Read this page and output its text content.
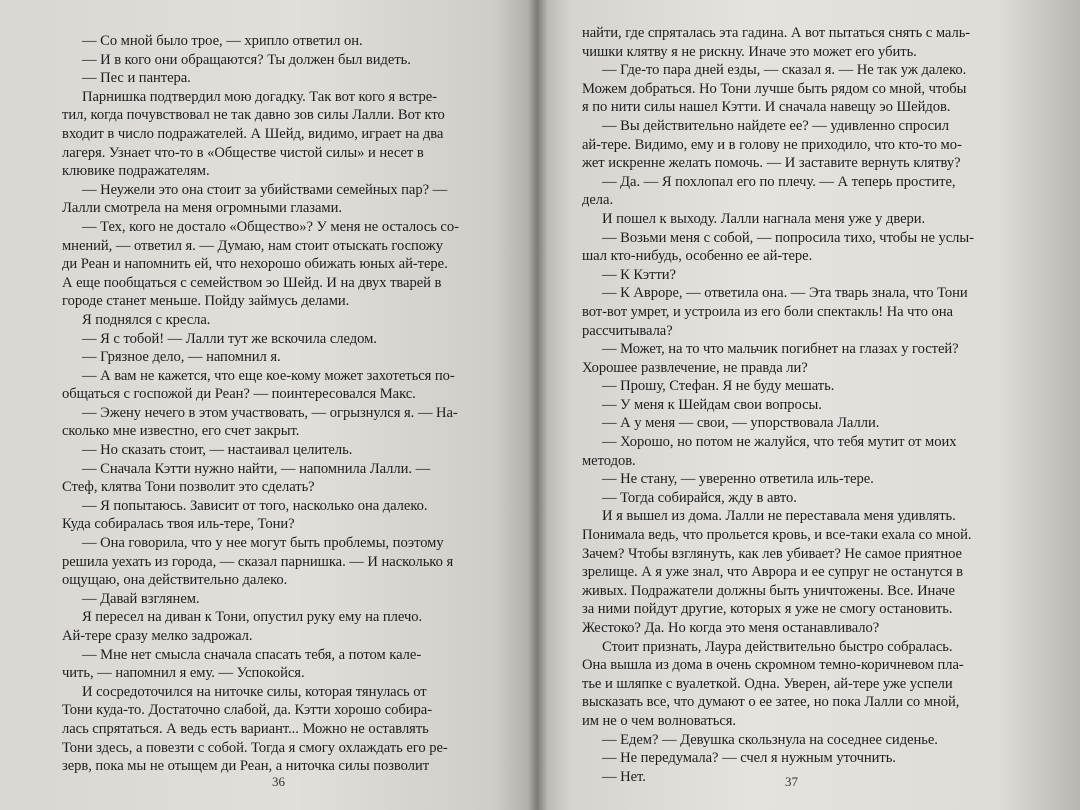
— Со мной было трое, — хрипло ответил он.
— И в кого они обращаются? Ты должен был видеть.
— Пес и пантера.
Парнишка подтвердил мою догадку. Так вот кого я встре-
тил, когда почувствовал не так давно зов силы Лалли. Вот кто
входит в число подражателей. А Шейд, видимо, играет на два
лагеря. Узнает что-то в «Обществе чистой силы» и несет в
клювике подражателям.
— Неужели это она стоит за убийствами семейных пар? —
Лалли смотрела на меня огромными глазами.
— Тех, кого не достало «Общество»? У меня не осталось со-
мнений, — ответил я. — Думаю, нам стоит отыскать госпожу
ди Реан и напомнить ей, что нехорошо обижать юных ай-тере.
А еще пообщаться с семейством эо Шейд. И на двух тварей в
городе станет меньше. Пойду займусь делами.
Я поднялся с кресла.
— Я с тобой! — Лалли тут же вскочила следом.
— Грязное дело, — напомнил я.
— А вам не кажется, что еще кое-кому может захотеться по-
общаться с госпожой ди Реан? — поинтересовался Макс.
— Эжену нечего в этом участвовать, — огрызнулся я. — На-
сколько мне известно, его счет закрыт.
— Но сказать стоит, — настаивал целитель.
— Сначала Кэтти нужно найти, — напомнила Лалли. —
Стеф, клятва Тони позволит это сделать?
— Я попытаюсь. Зависит от того, насколько она далеко.
Куда собиралась твоя иль-тере, Тони?
— Она говорила, что у нее могут быть проблемы, поэтому
решила уехать из города, — сказал парнишка. — И насколько я
ощущаю, она действительно далеко.
— Давай взглянем.
Я пересел на диван к Тони, опустил руку ему на плечо.
Ай-тере сразу мелко задрожал.
— Мне нет смысла сначала спасать тебя, а потом кале-
чить, — напомнил я ему. — Успокойся.
И сосредоточился на ниточке силы, которая тянулась от
Тони куда-то. Достаточно слабой, да. Кэтти хорошо собира-
лась спрятаться. А ведь есть вариант... Можно не оставлять
Тони здесь, а повезти с собой. Тогда я смогу охлаждать его ре-
зерв, пока мы не отыщем ди Реан, а ниточка силы позволит
36
найти, где спряталась эта гадина. А вот пытаться снять с маль-
чишки клятву я не рискну. Иначе это может его убить.
— Где-то пара дней езды, — сказал я. — Не так уж далеко.
Можем добраться. Но Тони лучше быть рядом со мной, чтобы
я по нити силы нашел Кэтти. И сначала навещу эо Шейдов.
— Вы действительно найдете ее? — удивленно спросил
ай-тере. Видимо, ему и в голову не приходило, что кто-то мо-
жет искренне желать помочь. — И заставите вернуть клятву?
— Да. — Я похлопал его по плечу. — А теперь простите,
дела.
И пошел к выходу. Лалли нагнала меня уже у двери.
— Возьми меня с собой, — попросила тихо, чтобы не услы-
шал кто-нибудь, особенно ее ай-тере.
— К Кэтти?
— К Авроре, — ответила она. — Эта тварь знала, что Тони
вот-вот умрет, и устроила из его боли спектакль! На что она
рассчитывала?
— Может, на то что мальчик погибнет на глазах у гостей?
Хорошее развлечение, не правда ли?
— Прошу, Стефан. Я не буду мешать.
— У меня к Шейдам свои вопросы.
— А у меня — свои, — упорствовала Лалли.
— Хорошо, но потом не жалуйся, что тебя мутит от моих
методов.
— Не стану, — уверенно ответила иль-тере.
— Тогда собирайся, жду в авто.
И я вышел из дома. Лалли не переставала меня удивлять.
Понимала ведь, что прольется кровь, и все-таки ехала со мной.
Зачем? Чтобы взглянуть, как лев убивает? Не самое приятное
зрелище. А я уже знал, что Аврора и ее супруг не останутся в
живых. Подражатели должны быть уничтожены. Все. Иначе
за ними пойдут другие, которых я уже не смогу остановить.
Жестоко? Да. Но когда это меня останавливало?
Стоит признать, Лаура действительно быстро собралась.
Она вышла из дома в очень скромном темно-коричневом пла-
тье и шляпке с вуалеткой. Одна. Уверен, ай-тере уже успели
высказать все, что думают о ее затее, но пока Лалли со мной,
им не о чем волноваться.
— Едем? — Девушка скользнула на соседнее сиденье.
— Не передумала? — счел я нужным уточнить.
— Нет.	37
